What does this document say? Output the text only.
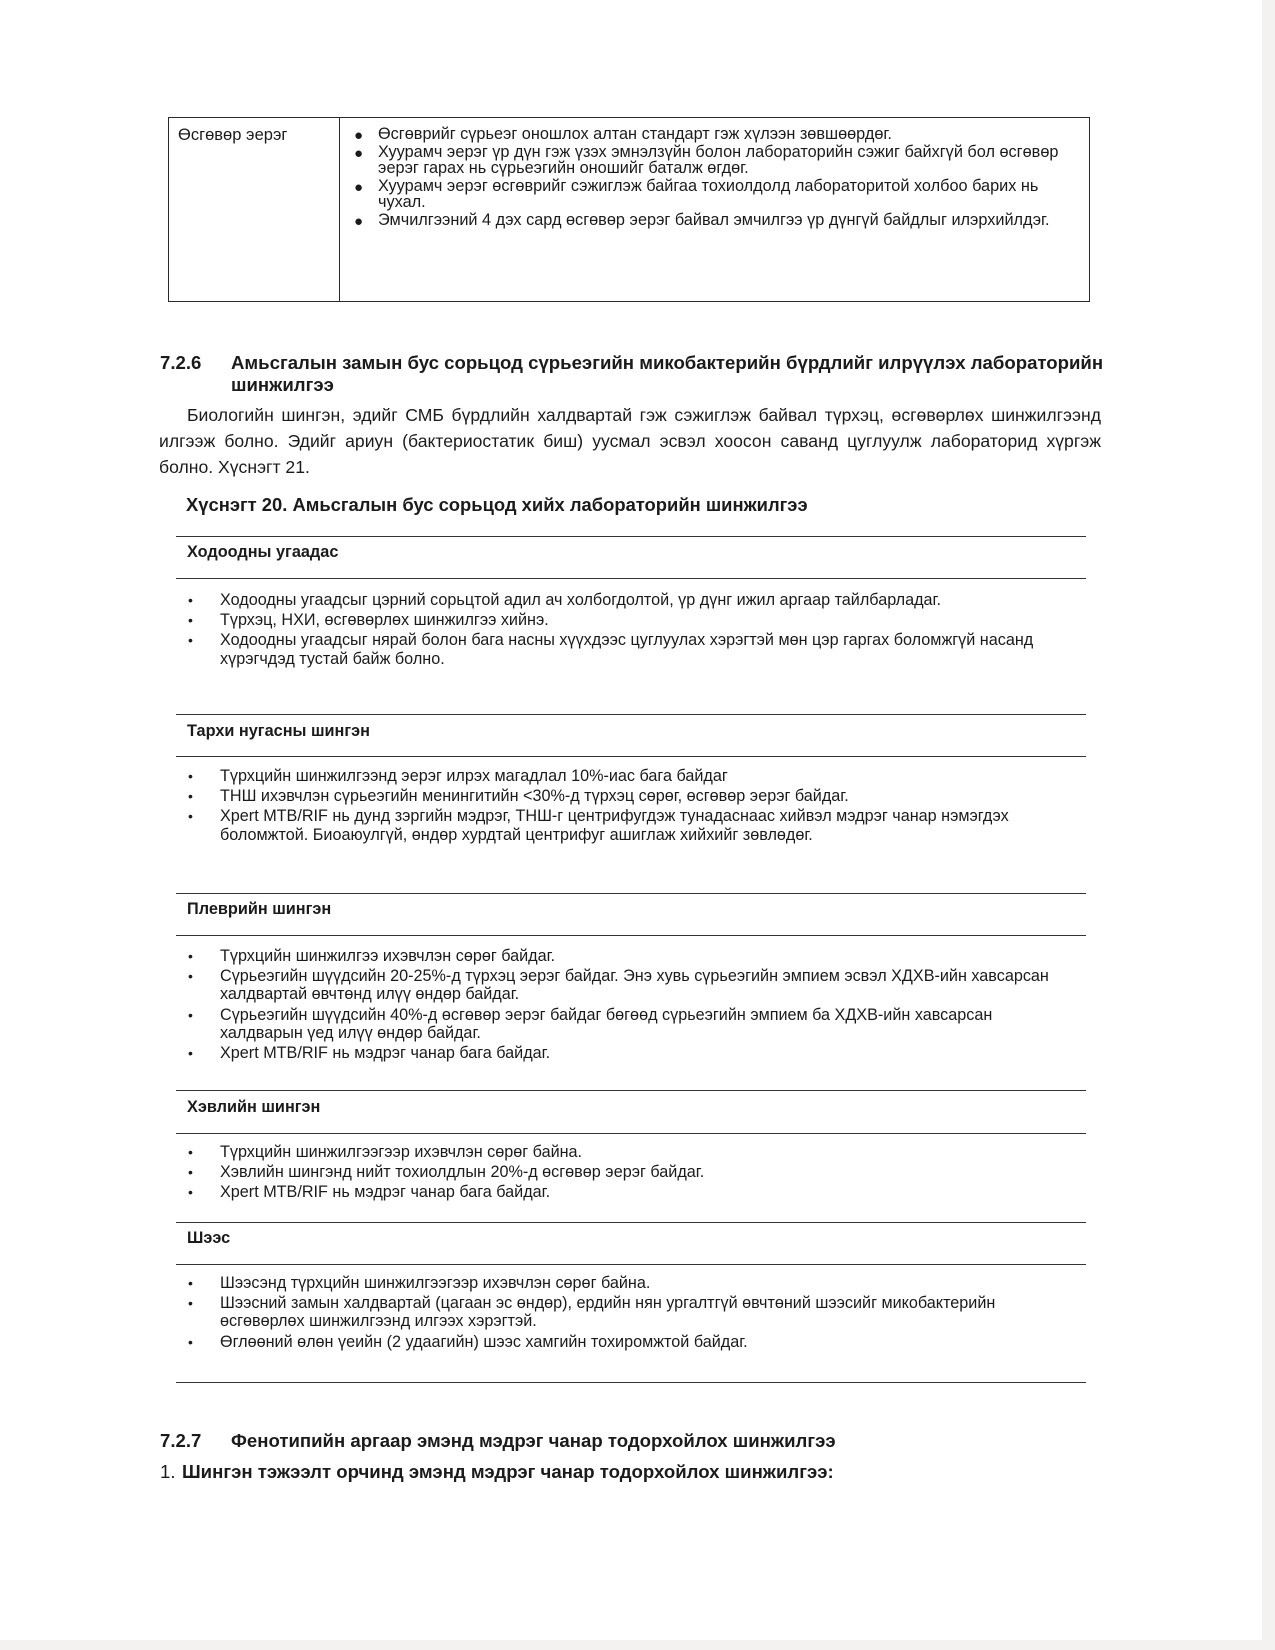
Өсгөвөр эерэг	● Өсгөврийг сүрьеэг оношлох алтан стандарт гэж хүлээн зөвшөөрдөг.
● Хуурамч эерэг үр дүн гэж үзэх эмнэлзүйн болон лабораторийн сэжиг байхгүй бол өсгөвөр эерэг гарах нь сүрьеэгийн оношийг баталж өгдөг.
● Хуурамч эерэг өсгөврийг сэжиглэж байгаа тохиолдолд лабораторитой холбоо барих нь чухал.
● Эмчилгээний 4 дэх сард өсгөвөр эерэг байвал эмчилгээ үр дүнгүй байдлыг илэрхийлдэг.
7.2.6 Амьсгалын замын бус сорьцод сүрьеэгийн микобактерийн бүрдлийг илрүүлэх лабораторийн шинжилгээ
Биологийн шингэн, эдийг СМБ бүрдлийн халдвартай гэж сэжиглэж байвал түрхэц, өсгөвөрлөх шинжилгээнд илгээж болно. Эдийг ариун (бактериостатик биш) уусмал эсвэл хоосон саванд цуглуулж лабораторид хүргэж болно. Хүснэгт 21.
Хүснэгт 20. Амьсгалын бус сорьцод хийх лабораторийн шинжилгээ
Ходоодны угаадас
• Ходоодны угаадсыг цэрний сорьцтой адил ач холбогдолтой, үр дүнг ижил аргаар тайлбарладаг.
• Түрхэц, НХИ, өсгөвөрлөх шинжилгээ хийнэ.
• Ходоодны угаадсыг нярай болон бага насны хүүхдээс цуглуулах хэрэгтэй мөн цэр гаргах боломжгүй насанд хүрэгчдэд тустай байж болно.
Тархи нугасны шингэн
• Түрхцийн шинжилгээнд эерэг илрэх магадлал 10%-иас бага байдаг
• ТНШ ихэвчлэн сүрьеэгийн менингитийн <30%-д түрхэц сөрөг, өсгөвөр эерэг байдаг.
• Xpert MTB/RIF нь дунд зэргийн мэдрэг, ТНШ-г центрифугдэж тунадаснаас хийвэл мэдрэг чанар нэмэгдэх боломжтой. Биоаюулгүй, өндөр хурдтай центрифуг ашиглаж хийхийг зөвлөдөг.
Плеврийн шингэн
• Түрхцийн шинжилгээ ихэвчлэн сөрөг байдаг.
• Сүрьеэгийн шүүдсийн 20-25%-д түрхэц эерэг байдаг. Энэ хувь сүрьеэгийн эмпием эсвэл ХДХВ-ийн хавсарсан халдвартай өвчтөнд илүү өндөр байдаг.
• Сүрьеэгийн шүүдсийн 40%-д өсгөвөр эерэг байдаг бөгөөд сүрьеэгийн эмпием ба ХДХВ-ийн хавсарсан халдварын үед илүү өндөр байдаг.
• Xpert MTB/RIF нь мэдрэг чанар бага байдаг.
Хэвлийн шингэн
• Түрхцийн шинжилгээгээр ихэвчлэн сөрөг байна.
• Хэвлийн шингэнд нийт тохиолдлын 20%-д өсгөвөр эерэг байдаг.
• Xpert MTB/RIF нь мэдрэг чанар бага байдаг.
Шээс
• Шээсэнд түрхцийн шинжилгээгээр ихэвчлэн сөрөг байна.
• Шээсний замын халдвартай (цагаан эс өндөр), ердийн нян ургалтгүй өвчтөний шээсийг микобактерийн өсгөвөрлөх шинжилгээнд илгээх хэрэгтэй.
• Өглөөний өлөн үеийн (2 удаагийн) шээс хамгийн тохиромжтой байдаг.
7.2.7 Фенотипийн аргаар эмэнд мэдрэг чанар тодорхойлох шинжилгээ
1. Шингэн тэжээлт орчинд эмэнд мэдрэг чанар тодорхойлох шинжилгээ:
